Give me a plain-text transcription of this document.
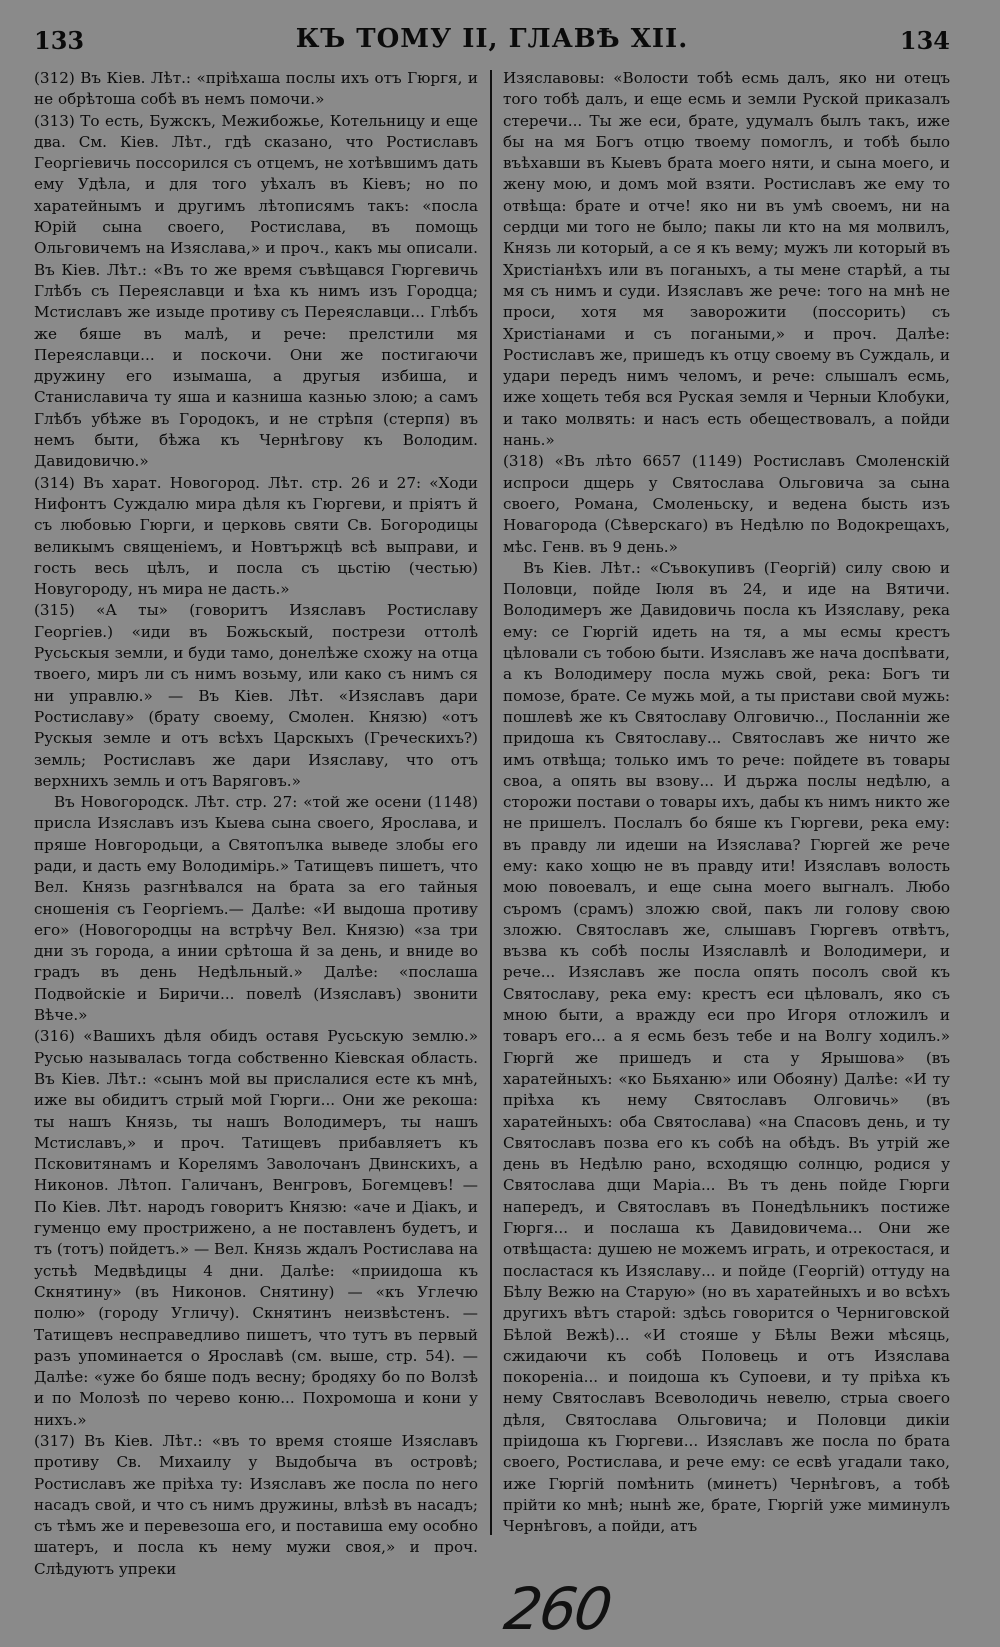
133	КЪ ТОМУ II, ГЛАВѢ XII.	134

(312) Въ Кiев. Лѣт.: «прiѣхаша послы ихъ отъ Гюргя, и не обрѣтоша собѣ въ немъ помочи.»

(313) То есть, Бужскъ, Межибожье, Котельницу и еще два. См. Кiев. Лѣт., гдѣ сказано, что Ростиславъ Георгiевичь поссорился съ отцемъ, не хотѣвшимъ дать ему Удѣла, и для того уѣхалъ въ Кiевъ; но по харатейнымъ и другимъ лѣтописямъ такъ: «посла Юрiй сына своего, Ростислава, въ помощь Ольговичемъ на Изяслава,» и проч., какъ мы описали. Въ Кiев. Лѣт.: «Въ то же время съвѣщався Гюргевичь Глѣбъ съ Переяславци и ѣха къ нимъ изъ Городца; Мстиславъ же изыде противу съ Переяславци... Глѣбъ же бяше въ малѣ, и рече: прелстили мя Переяславци... и поскочи. Они же постигаючи дружину его изымаша, а другыя избиша, и Станиславича ту яша и казниша казнью злою; а самъ Глѣбъ убѣже въ Городокъ, и не стрѣпя (стерпя) въ немъ быти, бѣжа къ Чернѣгову къ Володим. Давидовичю.»

(314) Въ харат. Новогород. Лѣт. стр. 26 и 27: «Ходи Нифонтъ Суждалю мира дѣля къ Гюргеви, и прiятъ й съ любовью Гюрги, и церковь святи Св. Богородицы великымъ священiемъ, и Новтържцѣ всѣ выправи, и гость весь цѣлъ, и посла съ цьстiю (честью) Новугороду, нъ мира не дасть.»

(315) «А ты» (говоритъ Изяславъ Ростиславу Георгiев.) «иди въ Божьскый, пострези оттолѣ Русьскыя земли, и буди тамо, донелѣже схожу на отца твоего, миръ ли съ нимъ возьму, или како съ нимъ ся ни управлю.» — Въ Кiев. Лѣт. «Изяславъ дари Ростиславу» (брату своему, Смолен. Князю) «отъ Рускыя земле и отъ всѣхъ Царскыхъ (Греческихъ?) земль; Ростиславъ же дари Изяславу, что отъ верхнихъ земль и отъ Варяговъ.»

Въ Новогородск. Лѣт. стр. 27: «той же осени (1148) присла Изяславъ изъ Кыева сына своего, Ярослава, и пряше Новгородьци, а Святопълка выведе злобы его ради, и дасть ему Володимiрь.» Татищевъ пишетъ, что Вел. Князь разгнѣвался на брата за его тайныя сношенiя съ Георгiемъ.— Далѣе: «И выдоша противу его» (Новогородцы на встрѣчу Вел. Князю) «за три дни зъ города, а инии срѣтоша й за день, и вниде во градъ въ день Недѣльный.» Далѣе: «послаша Подвойскiе и Биричи... повелѣ (Изяславъ) звонити Вѣче.»

(316) «Вашихъ дѣля обидъ оставя Русьскую землю.» Русью называлась тогда собственно Кiевская область. Въ Кiев. Лѣт.: «сынъ мой вы приcлалися есте къ мнѣ, иже вы обидитъ стрый мой Гюрги... Они же рекоша: ты нашъ Князь, ты нашъ Володимеръ, ты нашъ Мстиславъ,» и проч. Татищевъ прибавляетъ къ Псковитянамъ и Корелямъ Заволочанъ Двинскихъ, а Никонов. Лѣтоп. Галичанъ, Венгровъ, Богемцевъ! — По Кiев. Лѣт. народъ говоритъ Князю: «аче и Дiакъ, и гуменцо ему прострижено, а не поставленъ будетъ, и тъ (тотъ) пойдетъ.» — Вел. Князь ждалъ Ростислава на устьѣ Медвѣдицы 4 дни. Далѣе: «приидоша къ Скнятину» (въ Никонов. Снятину) — «къ Углечю полю» (городу Угличу). Скнятинъ неизвѣстенъ. — Татищевъ несправедливо пишетъ, что тутъ въ первый разъ упоминается о Ярославѣ (см. выше, стр. 54). — Далѣе: «уже бо бяше подъ весну; бродяху бо по Волзѣ и по Молозѣ по черево коню... Похромоша и кони у нихъ.»

(317) Въ Кiев. Лѣт.: «въ то время стояше Изяславъ противу Св. Михаилу у Выдобыча въ островѣ; Ростиславъ же прiѣха ту: Изяславъ же посла по него насадъ свой, и что съ нимъ дружины, влѣзѣ въ насадъ; съ тѣмъ же и перевезоша его, и поставиша ему особно шатеръ, и посла къ нему мужи своя,» и проч. Слѣдуютъ упреки

Изяславовы: «Волости тобѣ есмь далъ, яко ни отецъ того тобѣ далъ, и еще есмь и земли Руской приказалъ стеречи... Ты же еси, брате, удумалъ былъ такъ, иже бы на мя Богъ отцю твоему помоглъ, и тобѣ было въѣхавши въ Кыевъ брата моего няти, и сына моего, и жену мою, и домъ мой взяти. Ростиславъ же ему то отвѣща: брате и отче! яко ни въ умѣ своемъ, ни на сердци ми того не было; пакы ли кто на мя молвилъ, Князь ли который, а се я къ вему; мужъ ли который въ Христiанѣхъ или въ поганыхъ, а ты мене старѣй, а ты мя съ нимъ и суди. Изяславъ же рече: того на мнѣ не проси, хотя мя заворожити (поссорить) съ Христiанами и съ погаными,» и проч. Далѣе: Ростиславъ же, пришедъ къ отцу своему въ Суждаль, и удари передъ нимъ челомъ, и рече: слышалъ есмь, иже хощеть тебя вся Руская земля и Черныи Клобуки, и тако молвять: и насъ есть обещеcтвовалъ, а пойди нань.»

(318) «Въ лѣто 6657 (1149) Ростиславъ Смоленскiй испроси дщерь у Святослава Ольговича за сына своего, Романа, Смоленьску, и ведена бысть изъ Новагорода (Сѣверскаго) въ Недѣлю по Водокрещахъ, мѣс. Генв. въ 9 день.»

Въ Кiев. Лѣт.: «Съвокупивъ (Георгiй) силу свою и Половци, пойде Iюля въ 24, и иде на Вятичи. Володимеръ же Давидовичь посла къ Изяславу, река ему: се Гюргiй идеть на тя, а мы есмы крестъ цѣловали съ тобою быти. Изяславъ же нача доспѣвати, а къ Володимеру посла мужь свой, река: Богъ ти помозе, брате. Се мужь мой, а ты пристави свой мужь: пошлевѣ же къ Святославу Олговичю.., Посланнiи же придоша къ Святославу... Святославъ же ничто же имъ отвѣща; только имъ то рече: пойдете въ товары своа, а опять вы взову... И държа послы недѣлю, а сторожи постави о товары ихъ, дабы къ нимъ никто же не пришелъ. Послалъ бо бяше къ Гюргеви, река ему: въ правду ли идеши на Изяслава? Гюргей же рече ему: како хощю не въ правду ити! Изяславъ волость мою повоевалъ, и еще сына моего выгналъ. Любо съромъ (срамъ) зложю свой, пакъ ли голову свою зложю. Святославъ же, слышавъ Гюргевъ отвѣтъ, възва къ собѣ послы Изяславлѣ и Володимери, и рече... Изяславъ же посла опять посолъ свой къ Святославу, река ему: крестъ еси цѣловалъ, яко съ мною быти, а вражду еси про Игоря отложилъ и товаръ его... а я есмь безъ тебе и на Волгу ходилъ.» Гюргй же пришедъ и ста у Ярышова» (въ харатейныхъ: «ко Бьяханю» или Обояну) Далѣе: «И ту прiѣха къ нему Святославъ Олговичь» (въ харатейныхъ: оба Святослава) «на Спасовъ день, и ту Святославъ позва его къ собѣ на обѣдъ. Въ утрiй же день въ Недѣлю рано, всходящю солнцю, родися у Святослава дщи Марiа... Въ тъ день пойде Гюрги напередъ, и Святославъ въ Понедѣльникъ постиже Гюргя... и послаша къ Давидовичема... Они же отвѣщаста: душею не можемъ играть, и отрекостася, и посластася къ Изяславу... и пойде (Георгiй) оттуду на Бѣлу Вежю на Старую» (но въ харатейныхъ и во всѣхъ другихъ вѣтъ старой: здѣсь говорится о Черниговской Бѣлой Вежѣ)... «И стояше у Бѣлы Вежи мѣсяць, сжидаючи къ собѣ Половець и отъ Изяслава покоренiа... и поидоша къ Супоеви, и ту прiѣха къ нему Святославъ Всеволодичь невелю, стрыа своего дѣля, Святослава Ольговича; и Половци дикiи прiидоша къ Гюргеви... Изяславъ же посла по брата своего, Ростислава, и рече ему: се есвѣ угадали тако, иже Гюргiй помѣнить (минетъ) Чернѣговъ, а тобѣ прiйти ко мнѣ; нынѣ же, брате, Гюргiй уже миминулъ Чернѣговъ, а пойди, атъ

260
